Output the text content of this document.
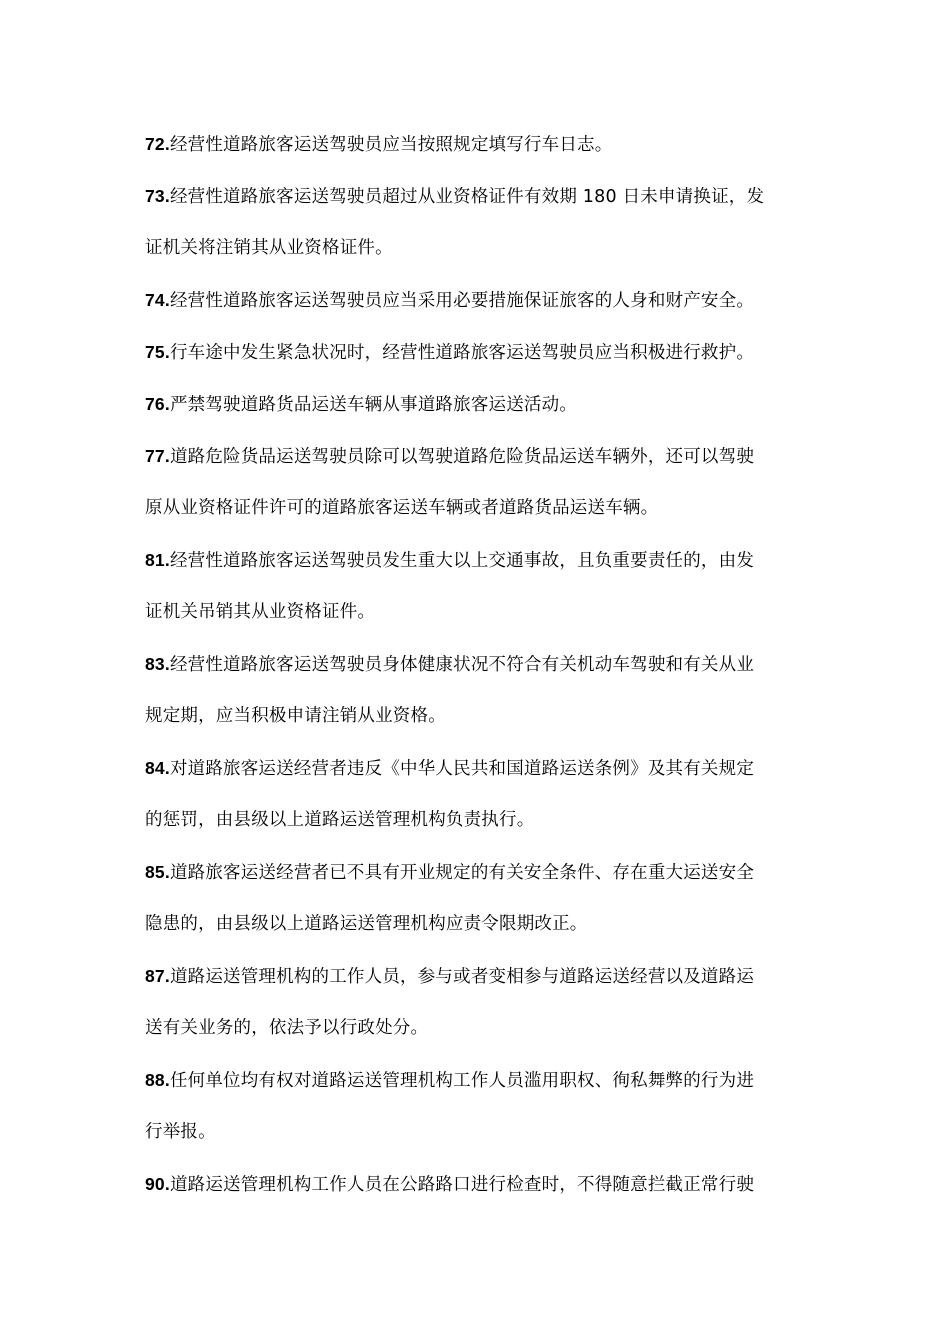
72.经营性道路旅客运送驾驶员应当按照规定填写行车日志。
73.经营性道路旅客运送驾驶员超过从业资格证件有效期 180 日未申请换证，发
证机关将注销其从业资格证件。
74.经营性道路旅客运送驾驶员应当采用必要措施保证旅客的人身和财产安全。
75.行车途中发生紧急状况时，经营性道路旅客运送驾驶员应当积极进行救护。
76.严禁驾驶道路货品运送车辆从事道路旅客运送活动。
77.道路危险货品运送驾驶员除可以驾驶道路危险货品运送车辆外，还可以驾驶
原从业资格证件许可的道路旅客运送车辆或者道路货品运送车辆。
81.经营性道路旅客运送驾驶员发生重大以上交通事故，且负重要责任的，由发
证机关吊销其从业资格证件。
83.经营性道路旅客运送驾驶员身体健康状况不符合有关机动车驾驶和有关从业
规定期，应当积极申请注销从业资格。
84.对道路旅客运送经营者违反《中华人民共和国道路运送条例》及其有关规定
的惩罚，由县级以上道路运送管理机构负责执行。
85.道路旅客运送经营者已不具有开业规定的有关安全条件、存在重大运送安全
隐患的，由县级以上道路运送管理机构应责令限期改正。
87.道路运送管理机构的工作人员，参与或者变相参与道路运送经营以及道路运
送有关业务的，依法予以行政处分。
88.任何单位均有权对道路运送管理机构工作人员滥用职权、徇私舞弊的行为进
行举报。
90.道路运送管理机构工作人员在公路路口进行检查时，不得随意拦截正常行驶
